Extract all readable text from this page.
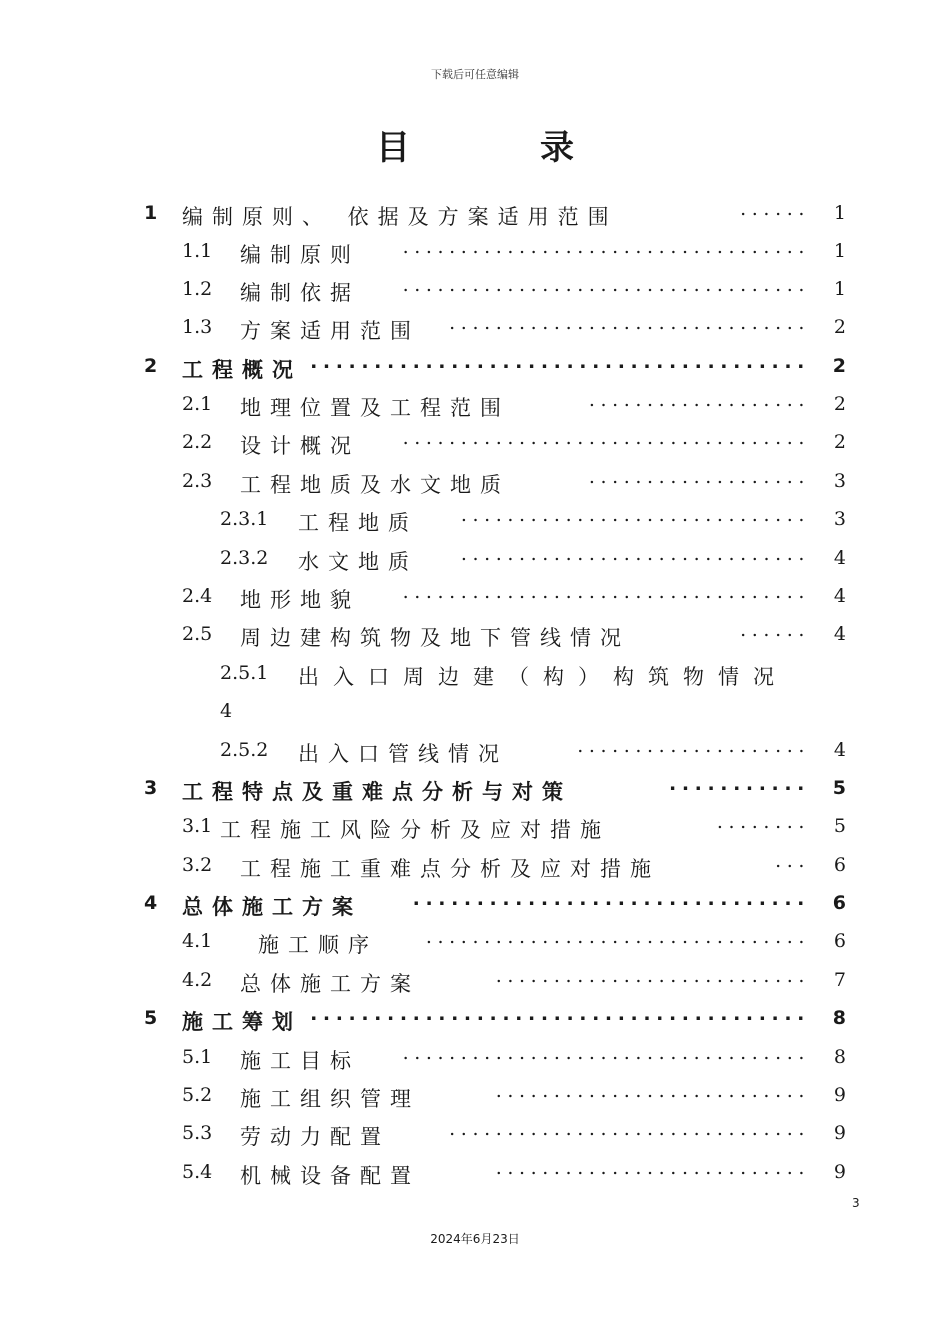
下载后可任意编辑
目　录
1 编制原则、 依据及方案适用范围	...... 1
1.1 编制原则 ................................... 1
1.2 编制依据 ................................... 1
1.3 方案适用范围 ............................... 2
2 工程概况 ....................................... 2
2.1 地理位置及工程范围	................... 2
2.2 设计概况 ................................... 2
2.3 工程地质及水文地质	................... 3
2.3.1 工程地质 .............................. 3
2.3.2 水文地质 .............................. 4
2.4 地形地貌 ................................... 4
2.5 周边建构筑物及地下管线情况	...... 4
2.5.1 出入口周边建（构）构筑物情况
4
2.5.2 出入口管线情况	.................... 4
3 工程特点及重难点分析与对策	........... 5
3.1 工程施工风险分析及应对措施	........ 5
3.2 工程施工重难点分析及应对措施	... 6
4 总体施工方案	............................... 6
4.1 施工顺序	................................. 6
4.2 总体施工方案	........................... 7
5 施工筹划 ....................................... 8
5.1 施工目标 ................................... 8
5.2 施工组织管理	........................... 9
5.3 劳动力配置	............................... 9
5.4 机械设备配置	........................... 9
3
2024年6月23日
